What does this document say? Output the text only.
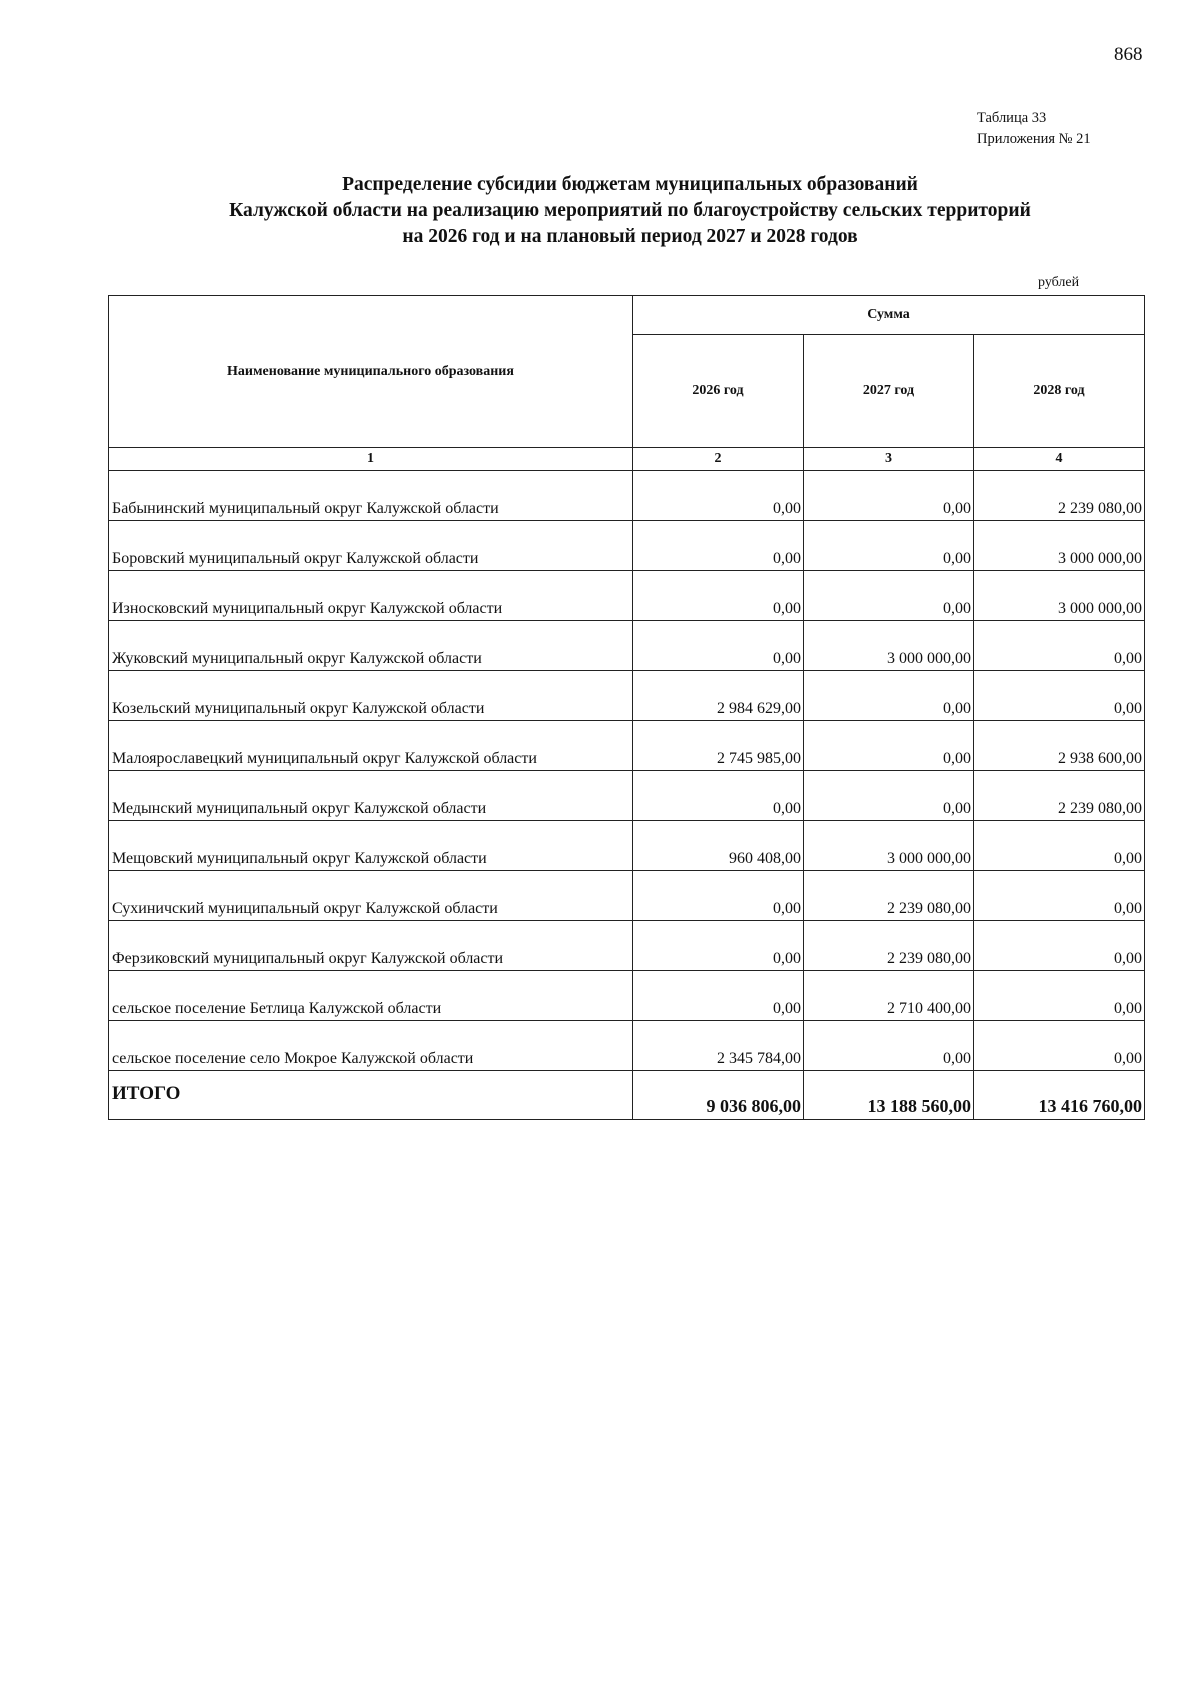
868
Таблица 33
Приложения № 21
Распределение субсидии бюджетам муниципальных образований
Калужской области на реализацию мероприятий по благоустройству сельских территорий
на 2026 год и на плановый период 2027 и 2028 годов
рублей
Наименование муниципального образования	Сумма		
	2026 год	2027 год	2028 год
1	2	3	4
Бабынинский муниципальный округ Калужской области	0,00	0,00	2 239 080,00
Боровский муниципальный округ Калужской области	0,00	0,00	3 000 000,00
Износковский муниципальный округ Калужской области	0,00	0,00	3 000 000,00
Жуковский муниципальный округ Калужской области	0,00	3 000 000,00	0,00
Козельский муниципальный округ Калужской области	2 984 629,00	0,00	0,00
Малоярославецкий муниципальный округ Калужской области	2 745 985,00	0,00	2 938 600,00
Медынский муниципальный округ Калужской области	0,00	0,00	2 239 080,00
Мещовский муниципальный округ Калужской области	960 408,00	3 000 000,00	0,00
Сухиничский муниципальный округ Калужской области	0,00	2 239 080,00	0,00
Ферзиковский муниципальный округ Калужской области	0,00	2 239 080,00	0,00
сельское поселение Бетлица Калужской области	0,00	2 710 400,00	0,00
сельское поселение село Мокрое Калужской области	2 345 784,00	0,00	0,00
ИТОГО	9 036 806,00	13 188 560,00	13 416 760,00
